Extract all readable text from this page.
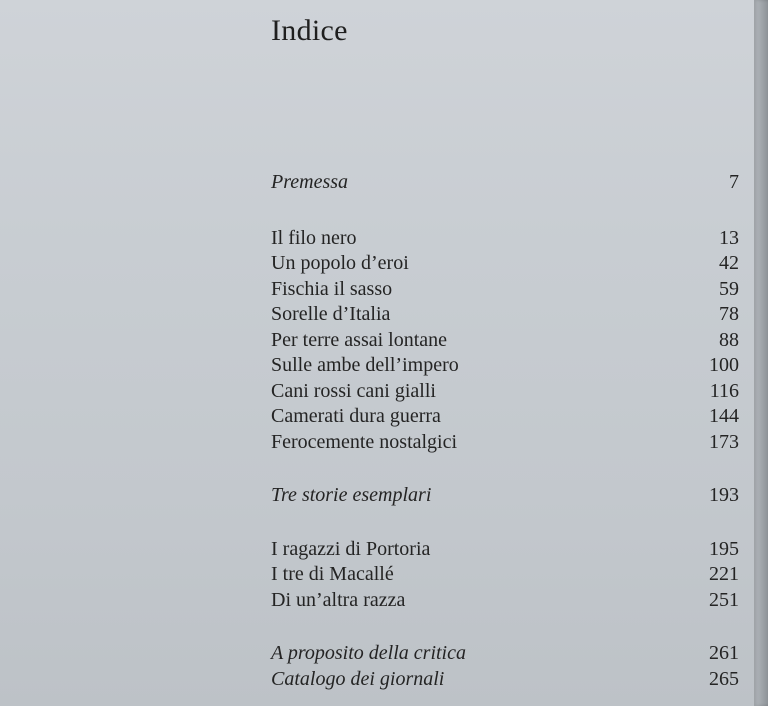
Indice
Premessa	7
Il filo nero	13
Un popolo d’eroi	42
Fischia il sasso	59
Sorelle d’Italia	78
Per terre assai lontane	88
Sulle ambe dell’impero	100
Cani rossi cani gialli	116
Camerati dura guerra	144
Ferocemente nostalgici	173
Tre storie esemplari	193
I ragazzi di Portoria	195
I tre di Macallé	221
Di un’altra razza	251
A proposito della critica	261
Catalogo dei giornali	265
